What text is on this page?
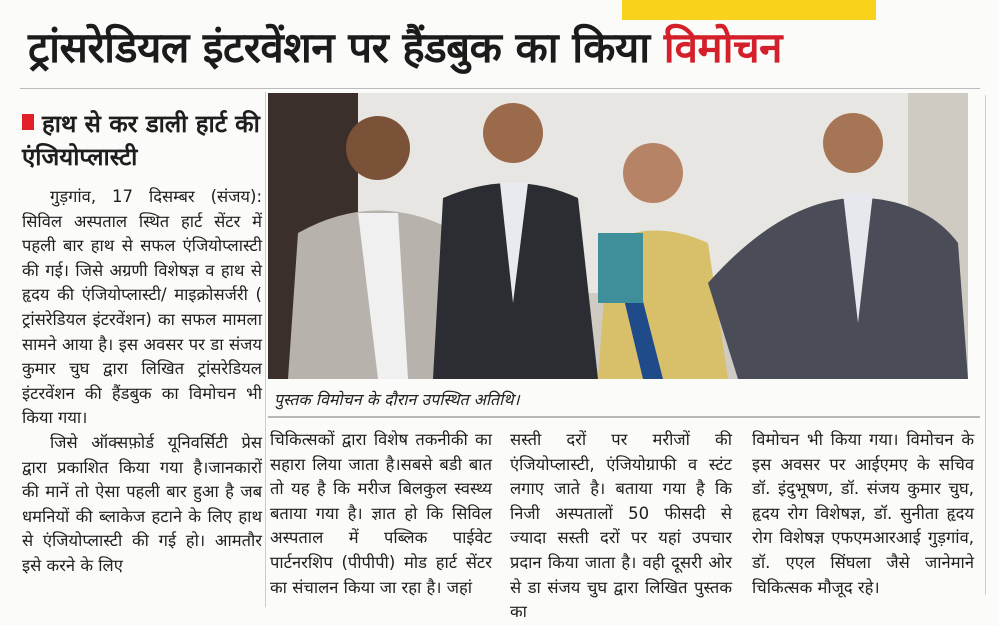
ट्रांसरेडियल इंटरवेंशन पर हैंडबुक का किया विमोचन
हाथ से कर डाली हार्ट की एंजियोप्लास्टी

गुड़गांव, 17 दिसम्बर (संजय): सिविल अस्पताल स्थित हार्ट सेंटर में पहली बार हाथ से सफल एंजियोप्लास्टी की गई। जिसे अग्रणी विशेषज्ञ व हाथ से हृदय की एंजियोप्लास्टी/ माइक्रोसर्जरी ( ट्रांसरेडियल इंटरवेंशन) का सफल मामला सामने आया है। इस अवसर पर डा संजय कुमार चुघ द्वारा लिखित ट्रांसरेडियल इंटरवेंशन की हैंडबुक का विमोचन भी किया गया।

जिसे ऑक्सफ़ोर्ड यूनिवर्सिटी प्रेस द्वारा प्रकाशित किया गया है।जानकारों की मानें तो ऐसा पहली बार हुआ है जब धमनियों की ब्लाकेज हटाने के लिए हाथ से एंजियोप्लास्टी की गई हो। आमतौर इसे करने के लिए

पुस्तक विमोचन के दौरान उपस्थित अतिथि।

चिकित्सकों द्वारा विशेष तकनीकी का सहारा लिया जाता है।सबसे बडी बात तो यह है कि मरीज बिलकुल स्वस्थ्य बताया गया है। ज्ञात हो कि सिविल अस्पताल में पब्लिक पाईवेट पार्टनरशिप (पीपीपी) मोड हार्ट सेंटर का संचालन किया जा रहा है। जहां

सस्ती दरों पर मरीजों की एंजियोप्लास्टी, एंजियोग्राफी व स्टंट लगाए जाते है। बताया गया है कि निजी अस्पतालों 50 फीसदी से ज्यादा सस्ती दरों पर यहां उपचार प्रदान किया जाता है। वही दूसरी ओर से डा संजय चुघ द्वारा लिखित पुस्तक का

विमोचन भी किया गया। विमोचन के इस अवसर पर आईएमए के सचिव डॉ. इंदुभूषण, डॉ. संजय कुमार चुघ, हृदय रोग विशेषज्ञ, डॉ. सुनीता हृदय रोग विशेषज्ञ एफएमआरआई गुड़गांव, डॉ. एएल सिंघला जैसे जानेमाने चिकित्सक मौजूद रहे।
